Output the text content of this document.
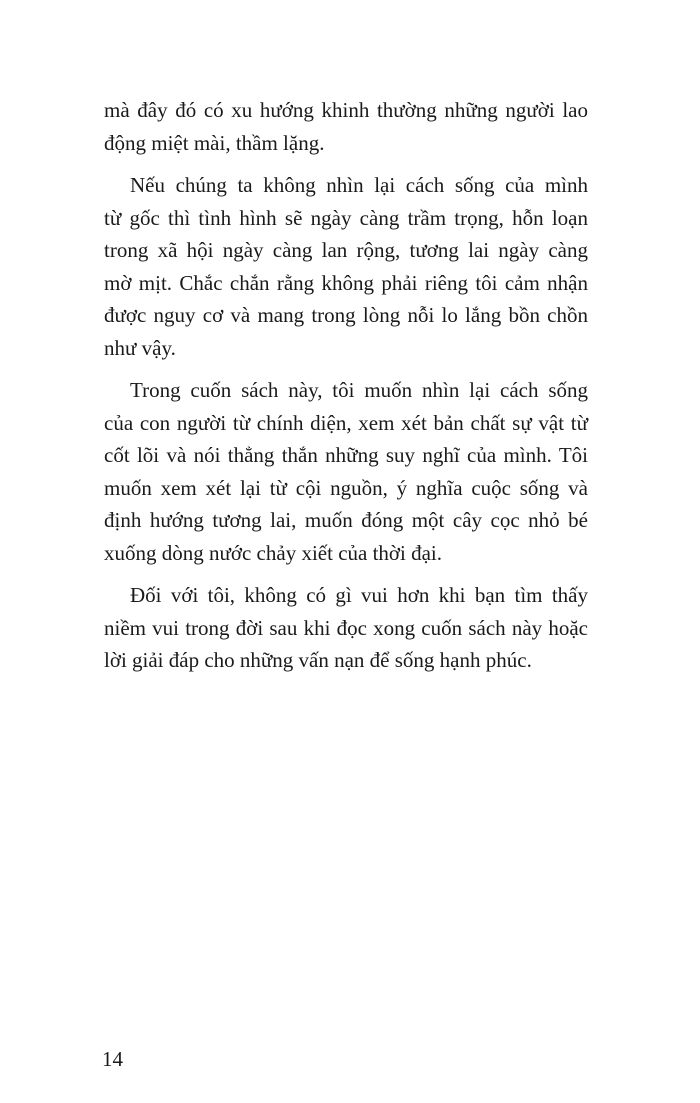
mà đây đó có xu hướng khinh thường những người lao
động miệt mài, thầm lặng.

Nếu chúng ta không nhìn lại cách sống của mình
từ gốc thì tình hình sẽ ngày càng trầm trọng, hỗn loạn
trong xã hội ngày càng lan rộng, tương lai ngày càng
mờ mịt. Chắc chắn rằng không phải riêng tôi cảm nhận
được nguy cơ và mang trong lòng nỗi lo lắng bồn chồn
như vậy.

Trong cuốn sách này, tôi muốn nhìn lại cách sống
của con người từ chính diện, xem xét bản chất sự vật từ
cốt lõi và nói thẳng thắn những suy nghĩ của mình. Tôi
muốn xem xét lại từ cội nguồn, ý nghĩa cuộc sống và
định hướng tương lai, muốn đóng một cây cọc nhỏ bé
xuống dòng nước chảy xiết của thời đại.

Đối với tôi, không có gì vui hơn khi bạn tìm thấy
niềm vui trong đời sau khi đọc xong cuốn sách này hoặc
lời giải đáp cho những vấn nạn để sống hạnh phúc.

14
